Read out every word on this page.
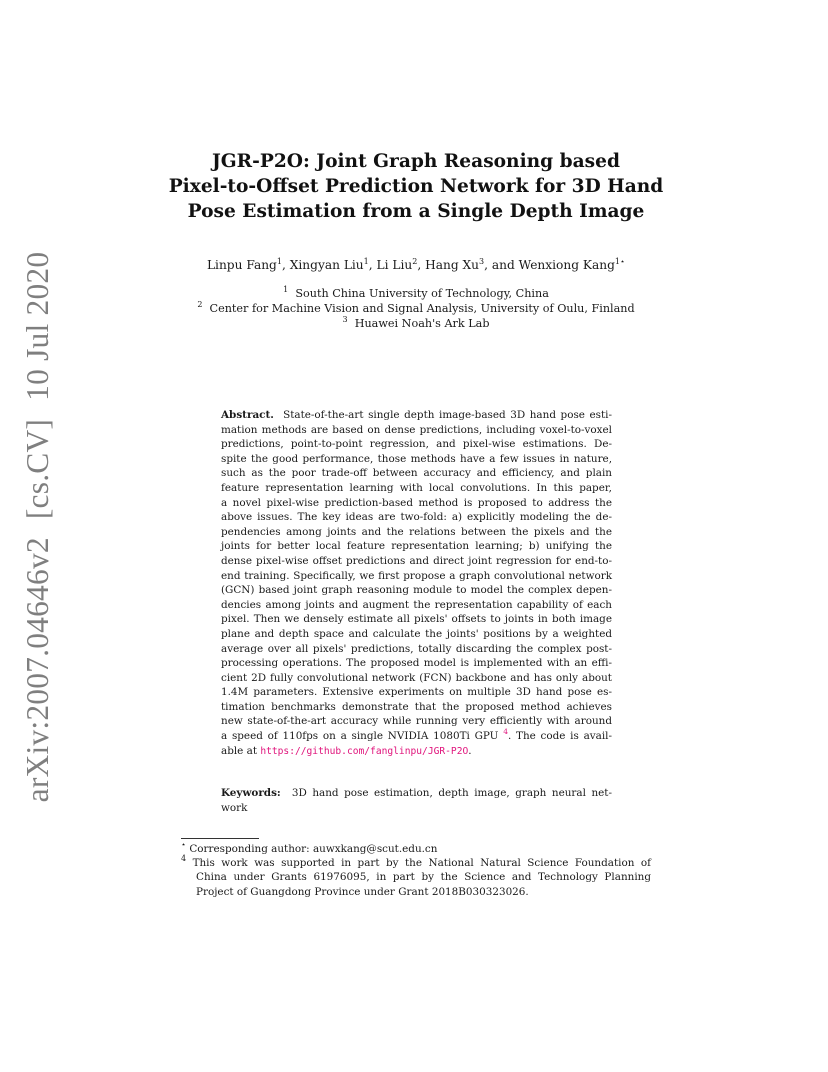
arXiv:2007.04646v2[cs.CV]10 Jul 2020
JGR-P2O: Joint Graph Reasoning based
Pixel-to-Offset Prediction Network for 3D Hand
Pose Estimation from a Single Depth Image
Linpu Fang$^1$, Xingyan Liu$^1$, Li Liu$^2$, Hang Xu$^3$, and Wenxiong Kang$^{1⋆}$
$^1$ South China University of Technology, China
$^2$ Center for Machine Vision and Signal Analysis, University of Oulu, Finland
$^3$ Huawei Noah's Ark Lab
Abstract. State-of-the-art single depth image-based 3D hand pose esti-
mation methods are based on dense predictions, including voxel-to-voxel
predictions, point-to-point regression, and pixel-wise estimations. De-
spite the good performance, those methods have a few issues in nature,
such as the poor trade-off between accuracy and efficiency, and plain
feature representation learning with local convolutions. In this paper,
a novel pixel-wise prediction-based method is proposed to address the
above issues. The key ideas are two-fold: a) explicitly modeling the de-
pendencies among joints and the relations between the pixels and the
joints for better local feature representation learning; b) unifying the
dense pixel-wise offset predictions and direct joint regression for end-to-
end training. Specifically, we first propose a graph convolutional network
(GCN) based joint graph reasoning module to model the complex depen-
dencies among joints and augment the representation capability of each
pixel. Then we densely estimate all pixels' offsets to joints in both image
plane and depth space and calculate the joints' positions by a weighted
average over all pixels' predictions, totally discarding the complex post-
processing operations. The proposed model is implemented with an effi-
cient 2D fully convolutional network (FCN) backbone and has only about
1.4M parameters. Extensive experiments on multiple 3D hand pose es-
timation benchmarks demonstrate that the proposed method achieves
new state-of-the-art accuracy while running very efficiently with around
a speed of 110fps on a single NVIDIA 1080Ti GPU $^4$. The code is avail-
able at https://github.com/fanglinpu/JGR-P2O.
Keywords: 3D hand pose estimation, depth image, graph neural net-
work
⋆ Corresponding author: auwxkang@scut.edu.cn
$^4$ This work was supported in part by the National Natural Science Foundation of
China under Grants 61976095, in part by the Science and Technology Planning
Project of Guangdong Province under Grant 2018B030323026.
